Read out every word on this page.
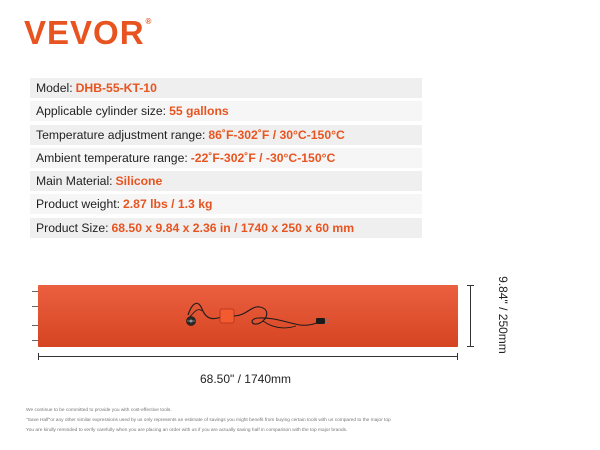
VEVOR®
Model: DHB-55-KT-10
Applicable cylinder size: 55 gallons
Temperature adjustment range: 86˚F-302˚F / 30°C-150°C
Ambient temperature range: -22˚F-302˚F / -30°C-150°C
Main Material: Silicone
Product weight: 2.87 lbs / 1.3 kg
Product Size: 68.50 x 9.84 x 2.36 in / 1740 x 250 x 60 mm
68.50" / 1740mm
9.84" / 250mm
We continue to be committed to provide you with cost-effective tools.
"Save Half"or any other similar expressions used by us only represents an estimate of savings you might benefit from buying certain tools with us compared to the major top
You are kindly reminded to verify carefully when you are placing an order with us if you are actually saving half in comparison with the top major brands.
